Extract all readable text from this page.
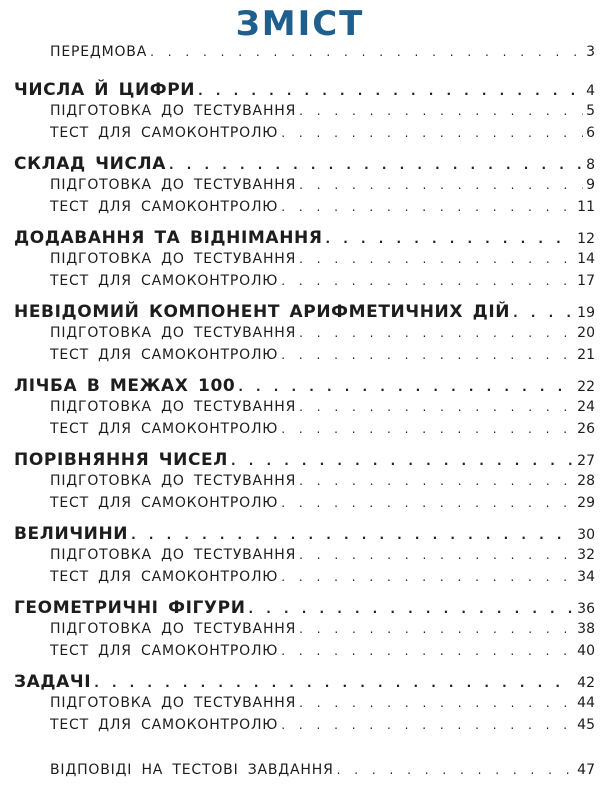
ЗМІСТ
ПЕРЕДМОВА . . .	3
ЧИСЛА Й ЦИФРИ . . .	4
ПІДГОТОВКА ДО ТЕСТУВАННЯ . . .	5
ТЕСТ ДЛЯ САМОКОНТРОЛЮ . . .	6
СКЛАД ЧИСЛА . . .	8
ПІДГОТОВКА ДО ТЕСТУВАННЯ . . .	9
ТЕСТ ДЛЯ САМОКОНТРОЛЮ . . .	11
ДОДАВАННЯ ТА ВІДНІМАННЯ . . .	12
ПІДГОТОВКА ДО ТЕСТУВАННЯ . . .	14
ТЕСТ ДЛЯ САМОКОНТРОЛЮ . . .	17
НЕВІДОМИЙ КОМПОНЕНТ АРИФМЕТИЧНИХ ДІЙ . . .	19
ПІДГОТОВКА ДО ТЕСТУВАННЯ . . .	20
ТЕСТ ДЛЯ САМОКОНТРОЛЮ . . .	21
ЛІЧБА В МЕЖАХ 100 . . .	22
ПІДГОТОВКА ДО ТЕСТУВАННЯ . . .	24
ТЕСТ ДЛЯ САМОКОНТРОЛЮ . . .	26
ПОРІВНЯННЯ ЧИСЕЛ . . .	27
ПІДГОТОВКА ДО ТЕСТУВАННЯ . . .	28
ТЕСТ ДЛЯ САМОКОНТРОЛЮ . . .	29
ВЕЛИЧИНИ . . .	30
ПІДГОТОВКА ДО ТЕСТУВАННЯ . . .	32
ТЕСТ ДЛЯ САМОКОНТРОЛЮ . . .	34
ГЕОМЕТРИЧНІ ФІГУРИ . . .	36
ПІДГОТОВКА ДО ТЕСТУВАННЯ . . .	38
ТЕСТ ДЛЯ САМОКОНТРОЛЮ . . .	40
ЗАДАЧІ . . .	42
ПІДГОТОВКА ДО ТЕСТУВАННЯ . . .	44
ТЕСТ ДЛЯ САМОКОНТРОЛЮ . . .	45
ВІДПОВІДІ НА ТЕСТОВІ ЗАВДАННЯ . . .	47
